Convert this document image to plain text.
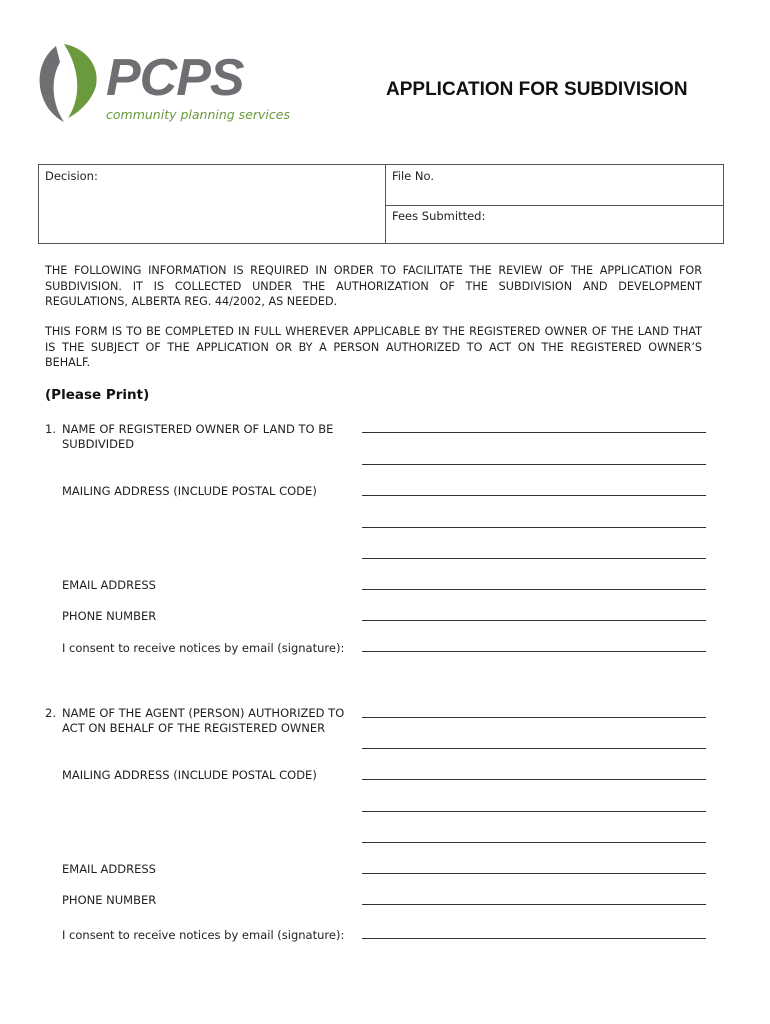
PCPS
community planning services
APPLICATION FOR SUBDIVISION
Decision:	File No.
Fees Submitted:
THE FOLLOWING INFORMATION IS REQUIRED IN ORDER TO FACILITATE THE REVIEW OF THE APPLICATION FOR SUBDIVISION. IT IS COLLECTED UNDER THE AUTHORIZATION OF THE SUBDIVISION AND DEVELOPMENT REGULATIONS, ALBERTA REG. 44/2002, AS NEEDED.
THIS FORM IS TO BE COMPLETED IN FULL WHEREVER APPLICABLE BY THE REGISTERED OWNER OF THE LAND THAT IS THE SUBJECT OF THE APPLICATION OR BY A PERSON AUTHORIZED TO ACT ON THE REGISTERED OWNER’S BEHALF.
(Please Print)
1. NAME OF REGISTERED OWNER OF LAND TO BE
SUBDIVIDED
MAILING ADDRESS (INCLUDE POSTAL CODE)
EMAIL ADDRESS
PHONE NUMBER
I consent to receive notices by email (signature):
2. NAME OF THE AGENT (PERSON) AUTHORIZED TO
ACT ON BEHALF OF THE REGISTERED OWNER
MAILING ADDRESS (INCLUDE POSTAL CODE)
EMAIL ADDRESS
PHONE NUMBER
I consent to receive notices by email (signature):
